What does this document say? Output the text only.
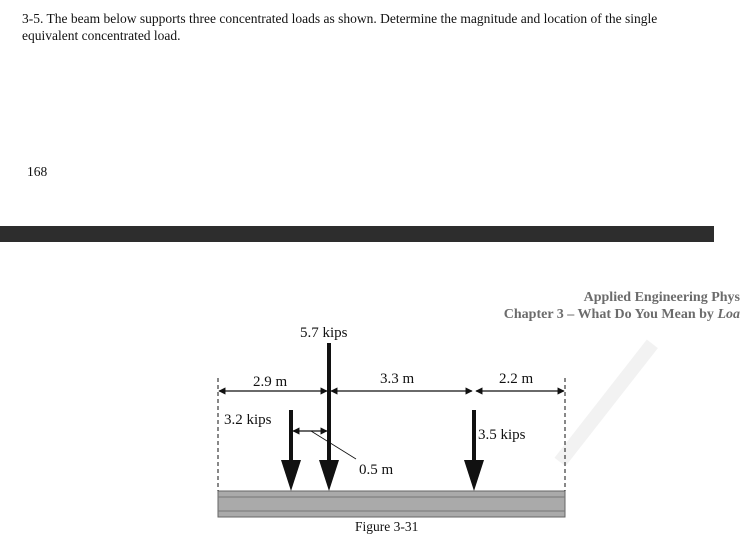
3-5. The beam below supports three concentrated loads as shown. Determine the magnitude and location of the single equivalent concentrated load.
168
Applied Engineering Phys
Chapter 3 – What Do You Mean by Loa
3.2 kips
5.7 kips
3.5 kips
2.9 m	3.3 m	2.2 m
0.5 m
Figure 3-31
